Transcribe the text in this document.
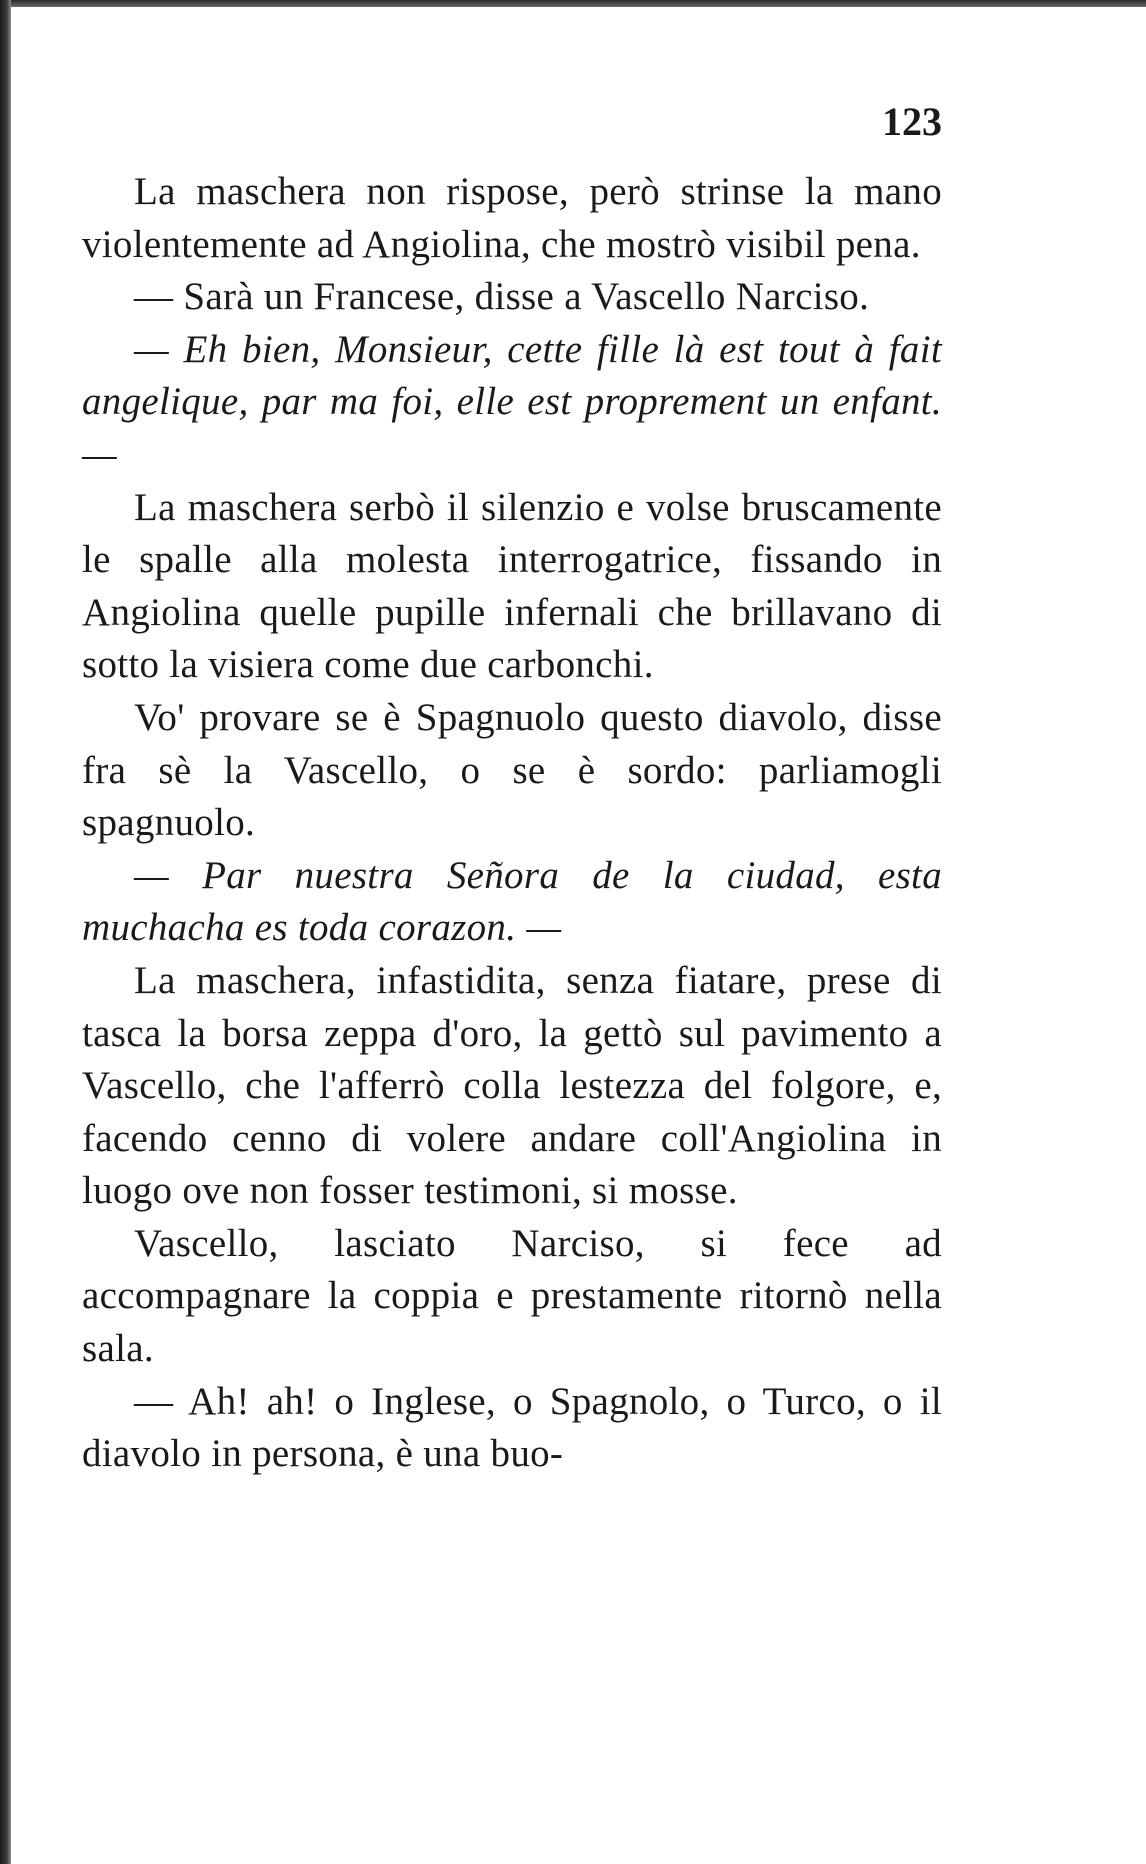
123

La maschera non rispose, però strinse la mano violentemente ad Angiolina, che mostrò visibil pena.

— Sarà un Francese, disse a Vascello Narciso.

— Eh bien, Monsieur, cette fille là est tout à fait angelique, par ma foi, elle est proprement un enfant. —

La maschera serbò il silenzio e volse bruscamente le spalle alla molesta interrogatrice, fissando in Angiolina quelle pupille infernali che brillavano di sotto la visiera come due carbonchi.

Vo' provare se è Spagnuolo questo diavolo, disse fra sè la Vascello, o se è sordo: parliamogli spagnuolo.

— Par nuestra Señora de la ciudad, esta muchacha es toda corazon. —

La maschera, infastidita, senza fiatare, prese di tasca la borsa zeppa d'oro, la gettò sul pavimento a Vascello, che l'afferrò colla lestezza del folgore, e, facendo cenno di volere andare coll'Angiolina in luogo ove non fosser testimoni, si mosse.

Vascello, lasciato Narciso, si fece ad accompagnare la coppia e prestamente ritornò nella sala.

— Ah! ah! o Inglese, o Spagnolo, o Turco, o il diavolo in persona, è una buo-
